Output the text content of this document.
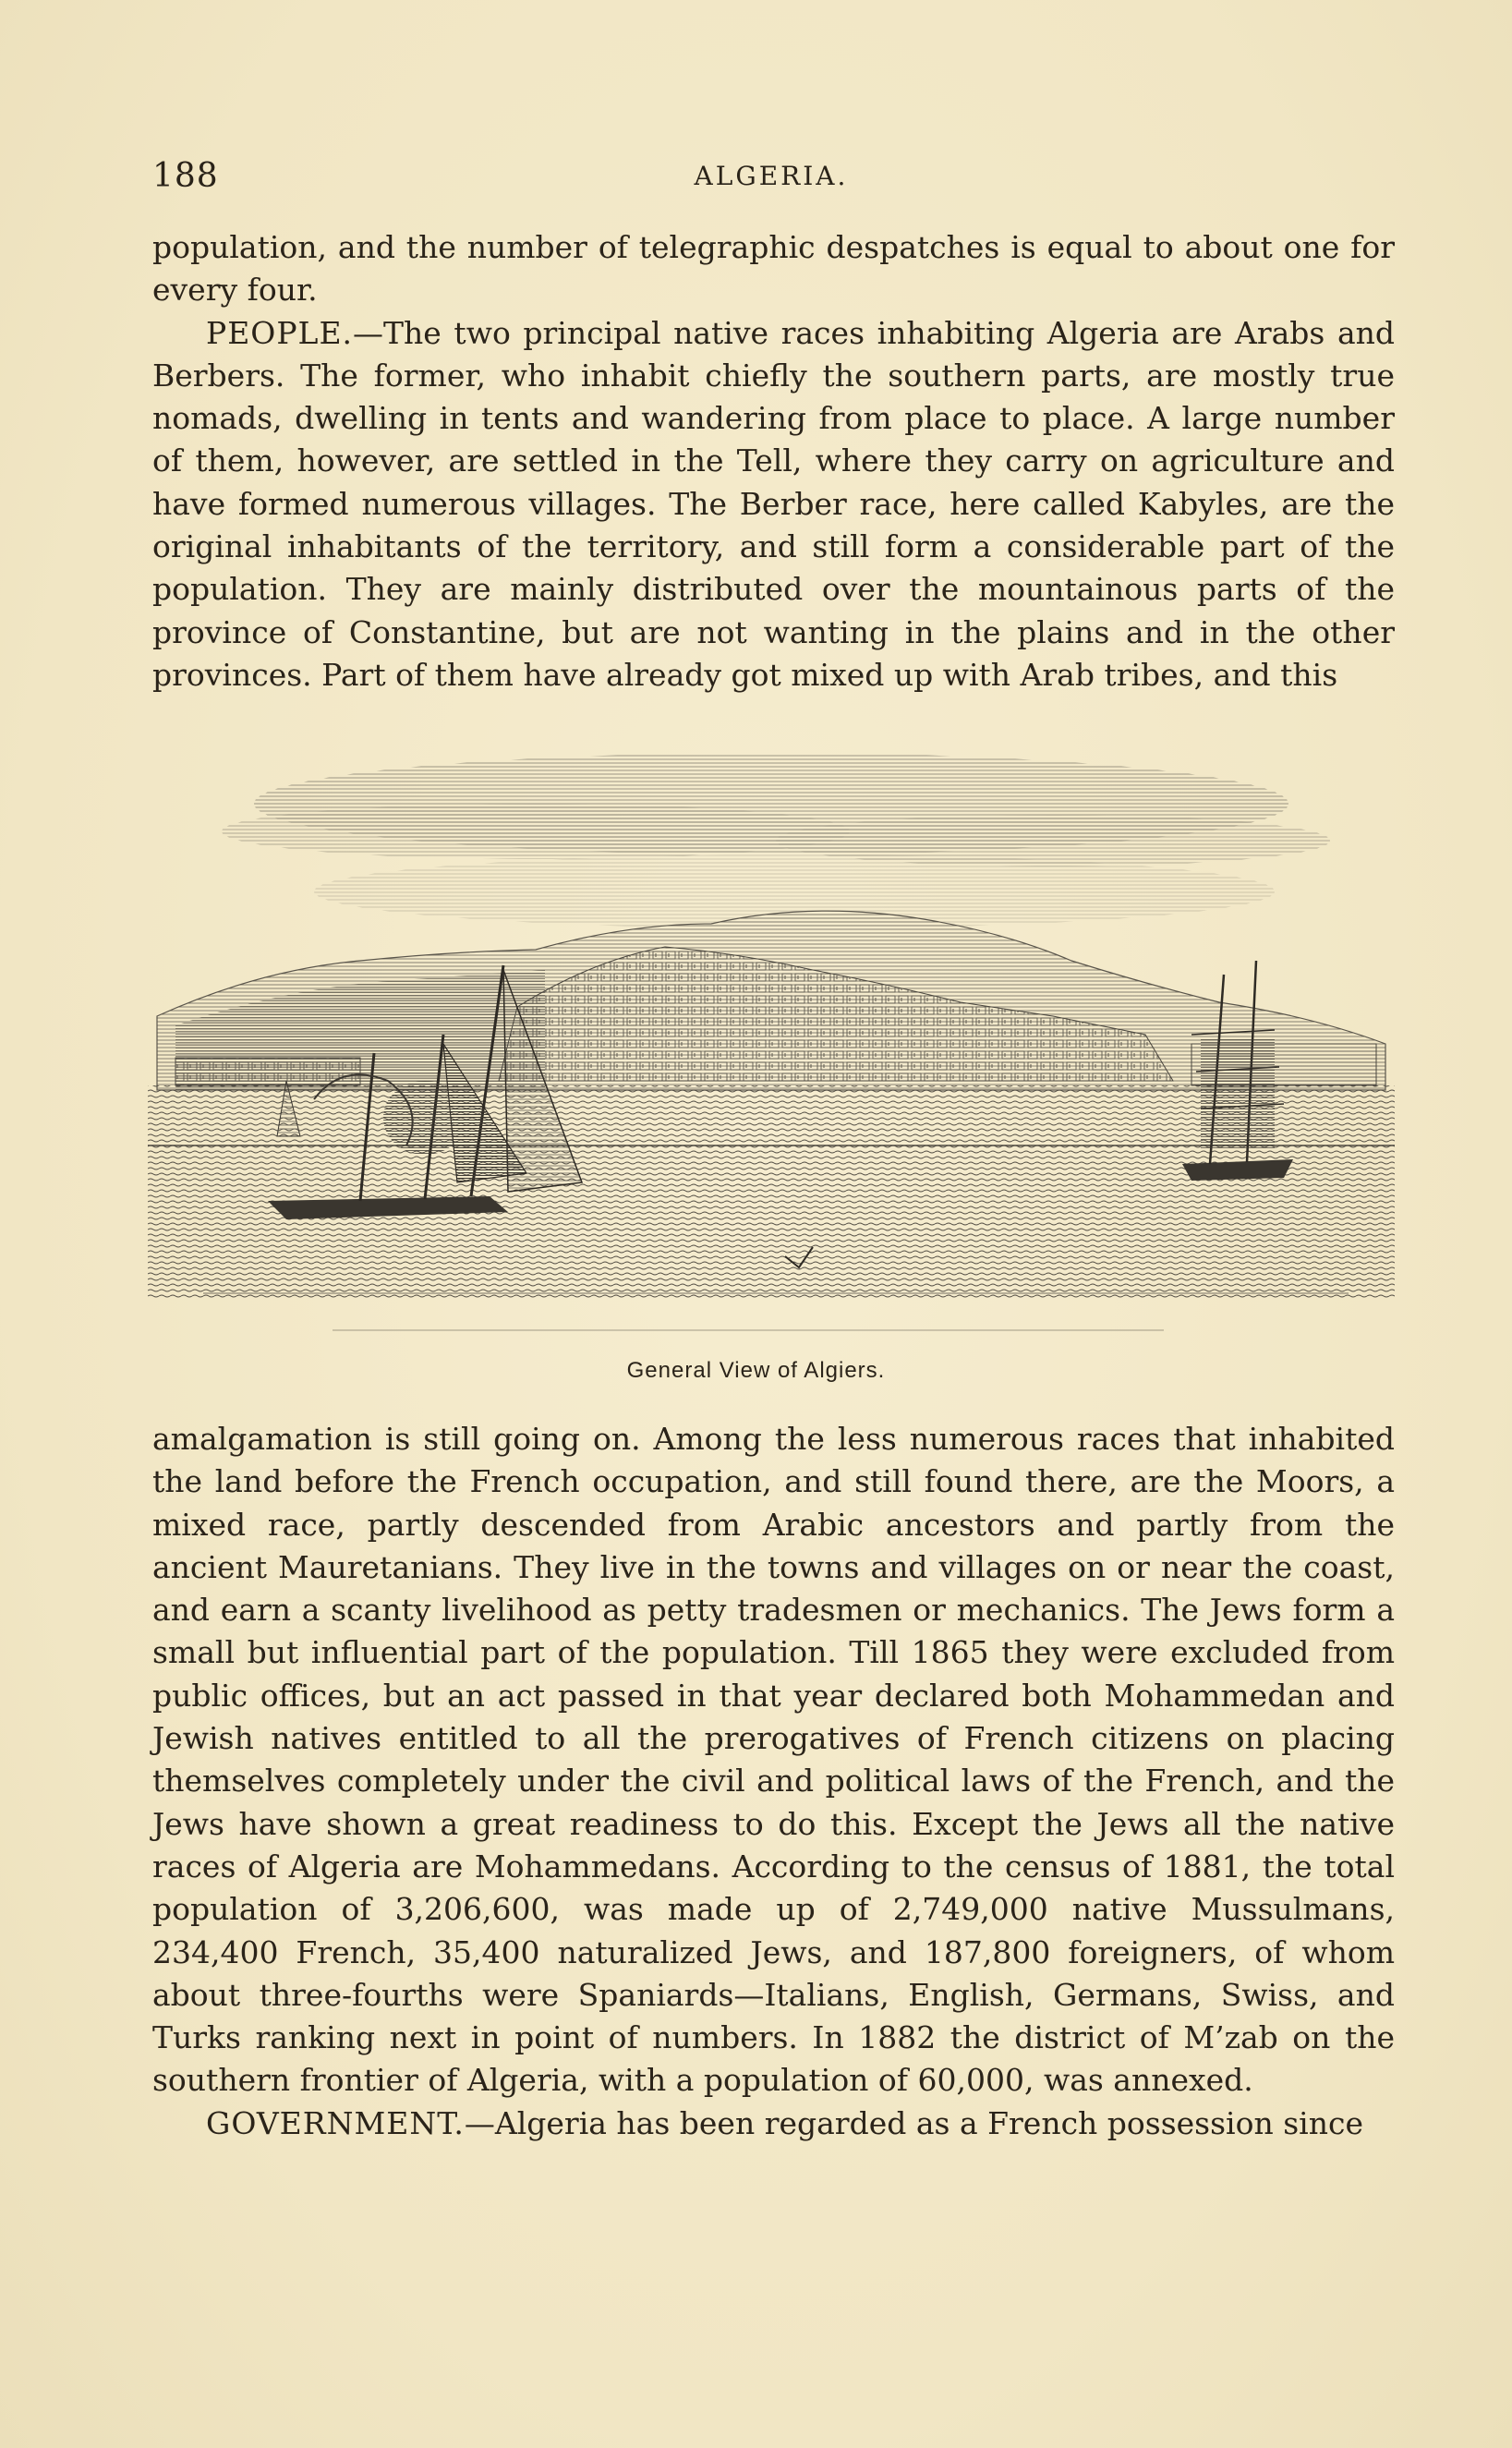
188	ALGERIA.

population, and the number of telegraphic despatches is equal to about one for every four.

PEOPLE.—The two principal native races inhabiting Algeria are Arabs and Berbers. The former, who inhabit chiefly the southern parts, are mostly true nomads, dwelling in tents and wandering from place to place. A large number of them, however, are settled in the Tell, where they carry on agriculture and have formed numerous villages. The Berber race, here called Kabyles, are the original inhabitants of the territory, and still form a considerable part of the population. They are mainly distributed over the mountainous parts of the province of Constantine, but are not wanting in the plains and in the other provinces. Part of them have already got mixed up with Arab tribes, and this

General View of Algiers.

amalgamation is still going on. Among the less numerous races that inhabited the land before the French occupation, and still found there, are the Moors, a mixed race, partly descended from Arabic ancestors and partly from the ancient Mauretanians. They live in the towns and villages on or near the coast, and earn a scanty livelihood as petty tradesmen or mechanics. The Jews form a small but influential part of the population. Till 1865 they were excluded from public offices, but an act passed in that year declared both Mohammedan and Jewish natives entitled to all the prerogatives of French citizens on placing themselves completely under the civil and political laws of the French, and the Jews have shown a great readiness to do this. Except the Jews all the native races of Algeria are Mohammedans. According to the census of 1881, the total population of 3,206,600, was made up of 2,749,000 native Mussulmans, 234,400 French, 35,400 naturalized Jews, and 187,800 foreigners, of whom about three-fourths were Spaniards—Italians, English, Germans, Swiss, and Turks ranking next in point of numbers. In 1882 the district of M’zab on the southern frontier of Algeria, with a population of 60,000, was annexed.

GOVERNMENT.—Algeria has been regarded as a French possession since
